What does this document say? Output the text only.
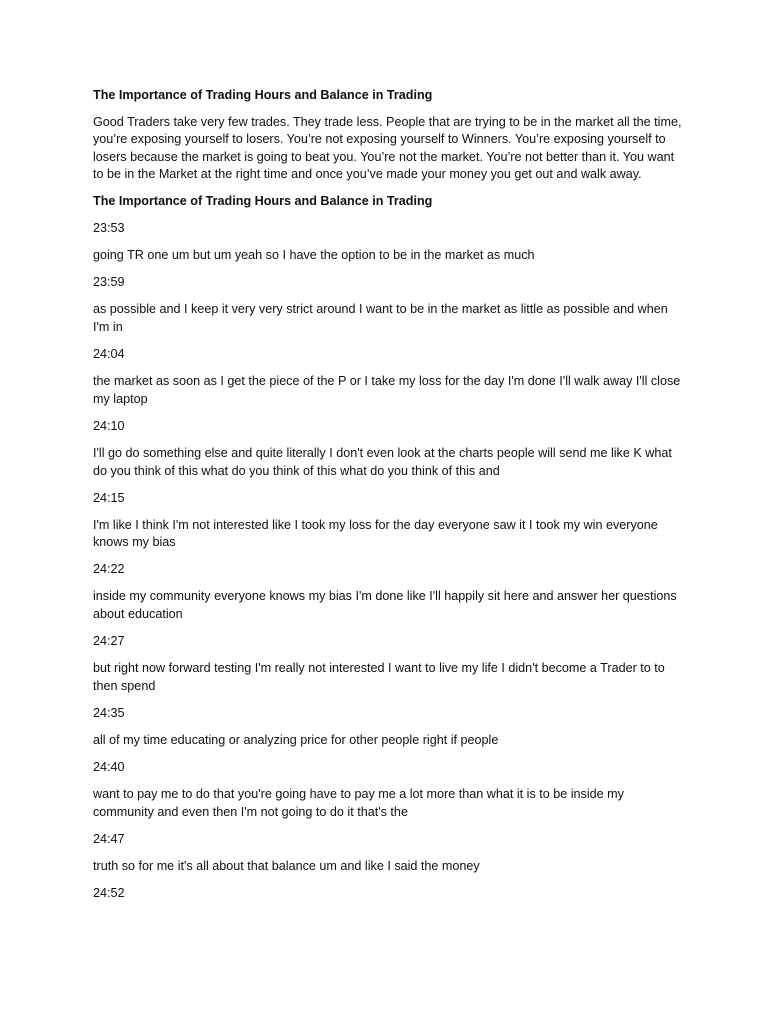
The Importance of Trading Hours and Balance in Trading
Good Traders take very few trades. They trade less. People that are trying to be in the market all the time, you’re exposing yourself to losers. You’re not exposing yourself to Winners. You’re exposing yourself to losers because the market is going to beat you. You’re not the market. You’re not better than it. You want to be in the Market at the right time and once you’ve made your money you get out and walk away.
The Importance of Trading Hours and Balance in Trading
23:53
going TR one um but um yeah so I have the option to be in the market as much
23:59
as possible and I keep it very very strict around I want to be in the market as little as possible and when I'm in
24:04
the market as soon as I get the piece of the P or I take my loss for the day I'm done I'll walk away I'll close my laptop
24:10
I'll go do something else and quite literally I don't even look at the charts people will send me like K what do you think of this what do you think of this what do you think of this and
24:15
I'm like I think I'm not interested like I took my loss for the day everyone saw it I took my win everyone knows my bias
24:22
inside my community everyone knows my bias I'm done like I'll happily sit here and answer her questions about education
24:27
but right now forward testing I'm really not interested I want to live my life I didn't become a Trader to to then spend
24:35
all of my time educating or analyzing price for other people right if people
24:40
want to pay me to do that you're going have to pay me a lot more than what it is to be inside my community and even then I'm not going to do it that's the
24:47
truth so for me it's all about that balance um and like I said the money
24:52
